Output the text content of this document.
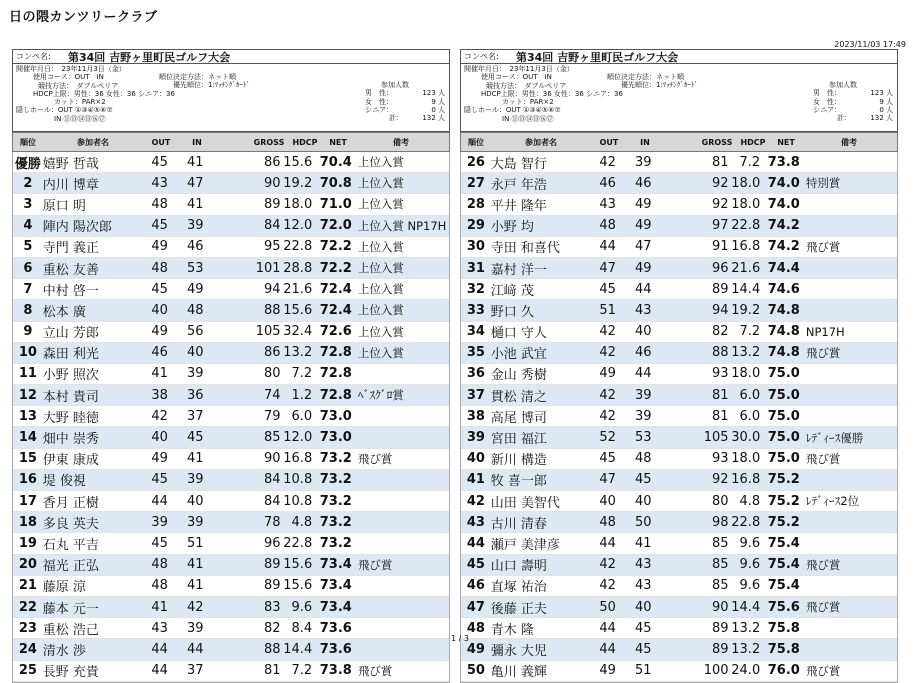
日の隈カンツリークラブ
2023/11/03 17:49
コンペ名:	第34回 吉野ヶ里町民ゴルフ大会
開催年月日：　23年11月3日（金）
使用コース：OUT　IN
競技方法：　ダブルペリア
HDCP上限：男性：36 女性：36 シニア：36
カット：PAR×2
隠しホール：OUT ①③④⑤⑥⑦
IN ⑪⑬⑭⑮⑯⑰
順位決定方法：ネット順
優先順位：1:ﾏｯﾁﾝｸﾞｶｰﾄﾞ	参加人数
男　性：	123 人
女　性：	9 人
シニア：	0 人
計：	132 人
順位	参加者名	OUT	IN	GROSS	HDCP	NET	備考
優勝 嬉野 哲哉	45	41	86 15.6 70.4 上位入賞
2 内川 博章	43	47	90 19.2 70.8 上位入賞
3 原口 明	48	41	89 18.0 71.0 上位入賞
4 陣内 陽次郎	45	39	84 12.0 72.0 上位入賞 NP17H
5 寺門 義正	49	46	95 22.8 72.2 上位入賞
6 重松 友善	48	53	101 28.8 72.2 上位入賞
7 中村 啓一	45	49	94 21.6 72.4 上位入賞
8 松本 廣	40	48	88 15.6 72.4 上位入賞
9 立山 芳郎	49	56	105 32.4 72.6 上位入賞
10 森田 利光	46	40	86 13.2 72.8 上位入賞
11 小野 照次	41	39	80 7.2 72.8
12 本村 貴司	38	36	74 1.2 72.8 ﾍﾞｽｸﾞﾛ賞
13 大野 睦徳	42	37	79 6.0 73.0
14 畑中 崇秀	40	45	85 12.0 73.0
15 伊東 康成	49	41	90 16.8 73.2 飛び賞
16 堤 俊視	45	39	84 10.8 73.2
17 香月 正樹	44	40	84 10.8 73.2
18 多良 英夫	39	39	78 4.8 73.2
19 石丸 平吉	45	51	96 22.8 73.2
20 福光 正弘	48	41	89 15.6 73.4 飛び賞
21 藤原 涼	48	41	89 15.6 73.4
22 藤本 元一	41	42	83 9.6 73.4
23 重松 浩己	43	39	82 8.4 73.6
24 清水 渉	44	44	88 14.4 73.6
25 長野 充貴	44	37	81 7.2 73.8 飛び賞
コンペ名:	第34回 吉野ヶ里町民ゴルフ大会
開催年月日：　23年11月3日（金）
使用コース：OUT　IN
競技方法：　ダブルペリア
HDCP上限：男性：36 女性：36 シニア：36
カット：PAR×2
隠しホール：OUT ①③④⑤⑥⑦
IN ⑪⑬⑭⑮⑯⑰
順位決定方法：ネット順
優先順位：1:ﾏｯﾁﾝｸﾞｶｰﾄﾞ	参加人数
男　性：	123 人
女　性：	9 人
シニア：	0 人
計：	132 人
順位	参加者名	OUT	IN	GROSS	HDCP	NET	備考
26 大島 智行	42	39	81 7.2 73.8
27 永戸 年浩	46	46	92 18.0 74.0 特別賞
28 平井 隆年	43	49	92 18.0 74.0
29 小野 均	48	49	97 22.8 74.2
30 寺田 和喜代	44	47	91 16.8 74.2 飛び賞
31 嘉村 洋一	47	49	96 21.6 74.4
32 江﨑 茂	45	44	89 14.4 74.6
33 野口 久	51	43	94 19.2 74.8
34 樋口 守人	42	40	82 7.2 74.8 NP17H
35 小池 武宜	42	46	88 13.2 74.8 飛び賞
36 金山 秀樹	49	44	93 18.0 75.0
37 貫松 清之	42	39	81 6.0 75.0
38 高尾 博司	42	39	81 6.0 75.0
39 宮田 福江	52	53	105 30.0 75.0 ﾚﾃﾞｨｰｽ優勝
40 新川 構造	45	48	93 18.0 75.0 飛び賞
41 牧 喜一郎	47	45	92 16.8 75.2
42 山田 美智代	40	40	80 4.8 75.2 ﾚﾃﾞｨｰｽ2位
43 古川 清春	48	50	98 22.8 75.2
44 瀬戸 美津彦	44	41	85 9.6 75.4
45 山口 壽明	42	43	85 9.6 75.4 飛び賞
46 直塚 祐治	42	43	85 9.6 75.4
47 後藤 正夫	50	40	90 14.4 75.6 飛び賞
48 青木 隆	44	45	89 13.2 75.8
49 彌永 大児	44	45	89 13.2 75.8
50 亀川 義輝	49	51	100 24.0 76.0 飛び賞
1 / 3
